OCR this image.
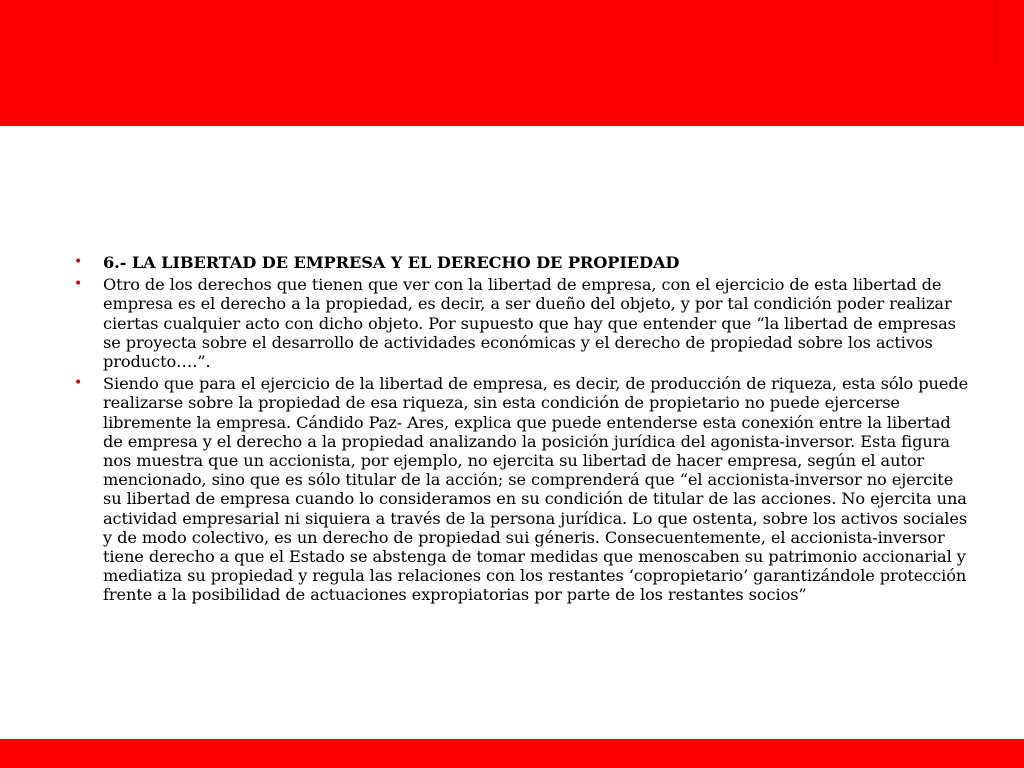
• 6.- LA LIBERTAD DE EMPRESA Y EL DERECHO DE PROPIEDAD
• Otro de los derechos que tienen que ver con la libertad de empresa, con el ejercicio de esta libertad de empresa es el derecho a la propiedad, es decir, a ser dueño del objeto, y por tal condición poder realizar ciertas cualquier acto con dicho objeto. Por supuesto que hay que entender que “la libertad de empresas se proyecta sobre el desarrollo de actividades económicas y el derecho de propiedad sobre los activos producto….”.
• Siendo que para el ejercicio de la libertad de empresa, es decir, de producción de riqueza, esta sólo puede realizarse sobre la propiedad de esa riqueza, sin esta condición de propietario no puede ejercerse libremente la empresa. Cándido Paz- Ares, explica que puede entenderse esta conexión entre la libertad de empresa y el derecho a la propiedad analizando la posición jurídica del agonista-inversor. Esta figura nos muestra que un accionista, por ejemplo, no ejercita su libertad de hacer empresa, según el autor mencionado, sino que es sólo titular de la acción; se comprenderá que “el accionista-inversor no ejercite su libertad de empresa cuando lo consideramos en su condición de titular de las acciones. No ejercita una actividad empresarial ni siquiera a través de la persona jurídica. Lo que ostenta, sobre los activos sociales y de modo colectivo, es un derecho de propiedad sui géneris. Consecuentemente, el accionista-inversor tiene derecho a que el Estado se abstenga de tomar medidas que menoscaben su patrimonio accionarial y mediatiza su propiedad y regula las relaciones con los restantes ‘copropietario’ garantizándole protección frente a la posibilidad de actuaciones expropiatorias por parte de los restantes socios”
